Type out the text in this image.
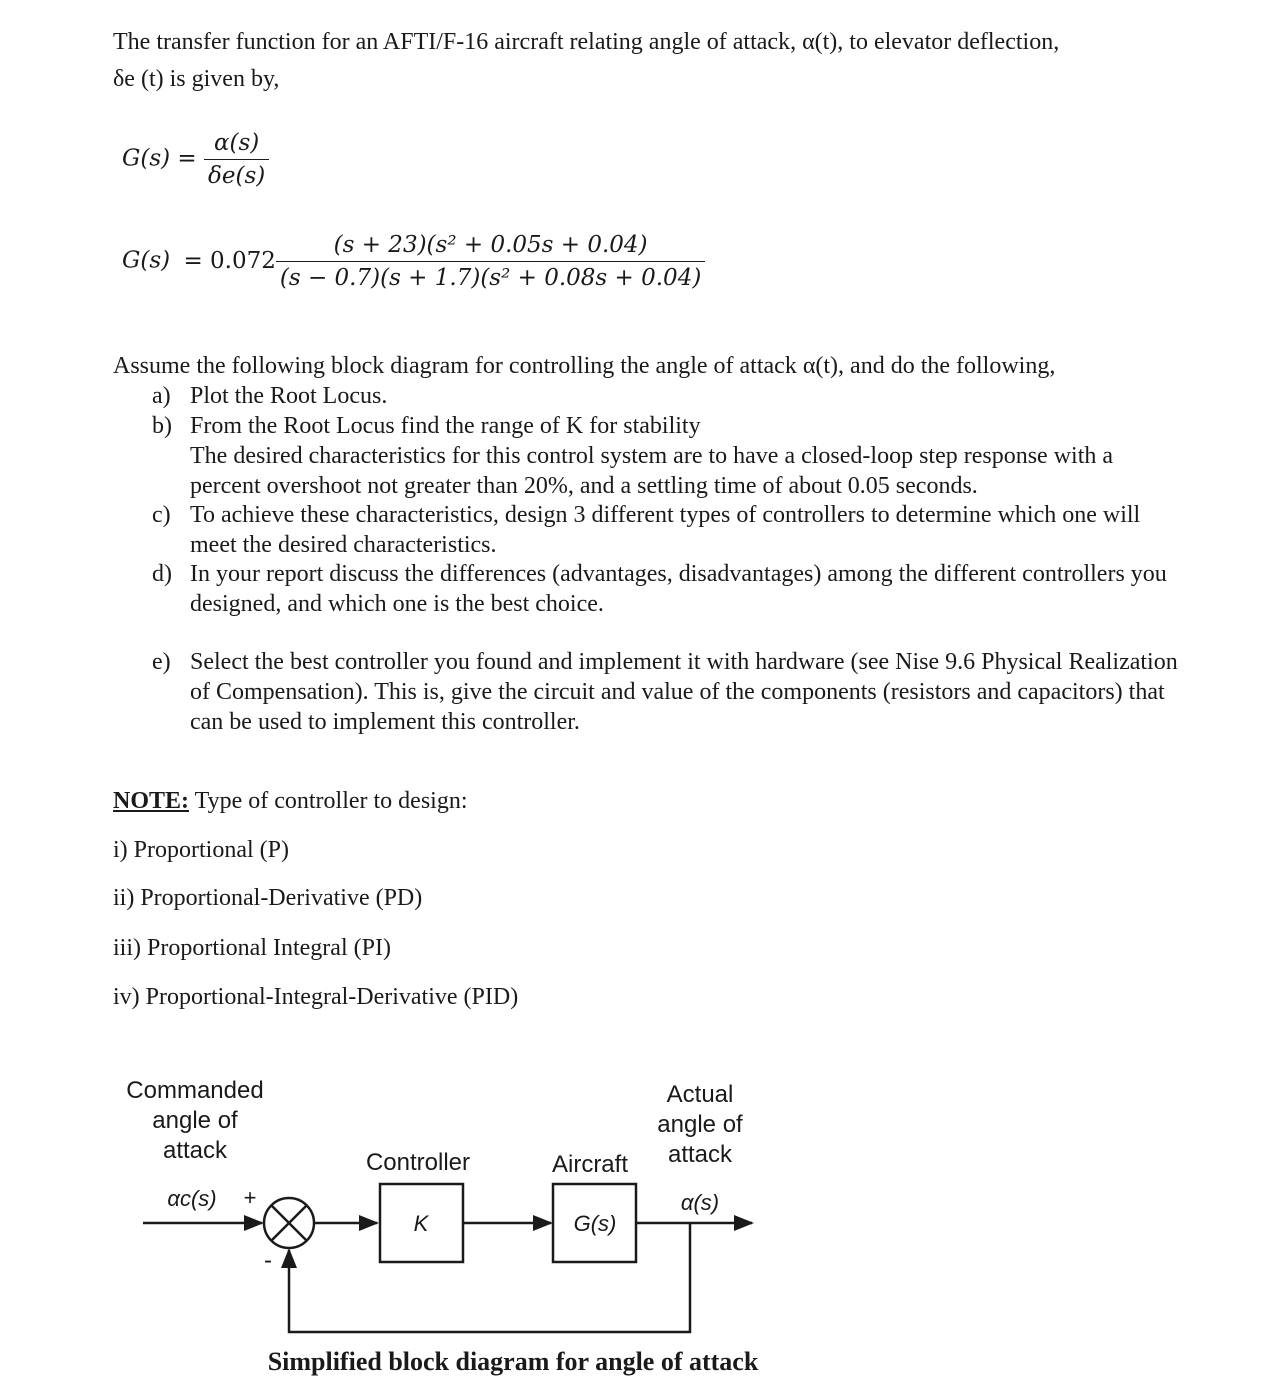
The transfer function for an AFTI/F-16 aircraft relating angle of attack, α(t), to elevator deflection,
δe (t) is given by,
$G(s) = \frac{\alpha(s)}{\delta e(s)}$
$G(s) = 0.072 \frac{\text{(s + 23)(s² + 0.05s + 0.04)}}{\text{(s − 0.7)(s + 1.7)(s² + 0.08s + 0.04)}}$
Assume the following block diagram for controlling the angle of attack α(t), and do the following,
a) Plot the Root Locus.
b) From the Root Locus find the range of K for stability
The desired characteristics for this control system are to have a closed-loop step response with a percent overshoot not greater than 20%, and a settling time of about 0.05 seconds.
c) To achieve these characteristics, design 3 different types of controllers to determine which one will meet the desired characteristics.
d) In your report discuss the differences (advantages, disadvantages) among the different controllers you designed, and which one is the best choice.
e) Select the best controller you found and implement it with hardware (see Nise 9.6 Physical Realization of Compensation). This is, give the circuit and value of the components (resistors and capacitors) that can be used to implement this controller.
NOTE: Type of controller to design:
i) Proportional (P)
ii) Proportional-Derivative (PD)
iii) Proportional Integral (PI)
iv) Proportional-Integral-Derivative (PID)
Commanded
angle of
attack
Actual
angle of
attack
Controller	Aircraft
αc(s) +
-
α(s)
K	G(s)
Simplified block diagram for angle of attack
